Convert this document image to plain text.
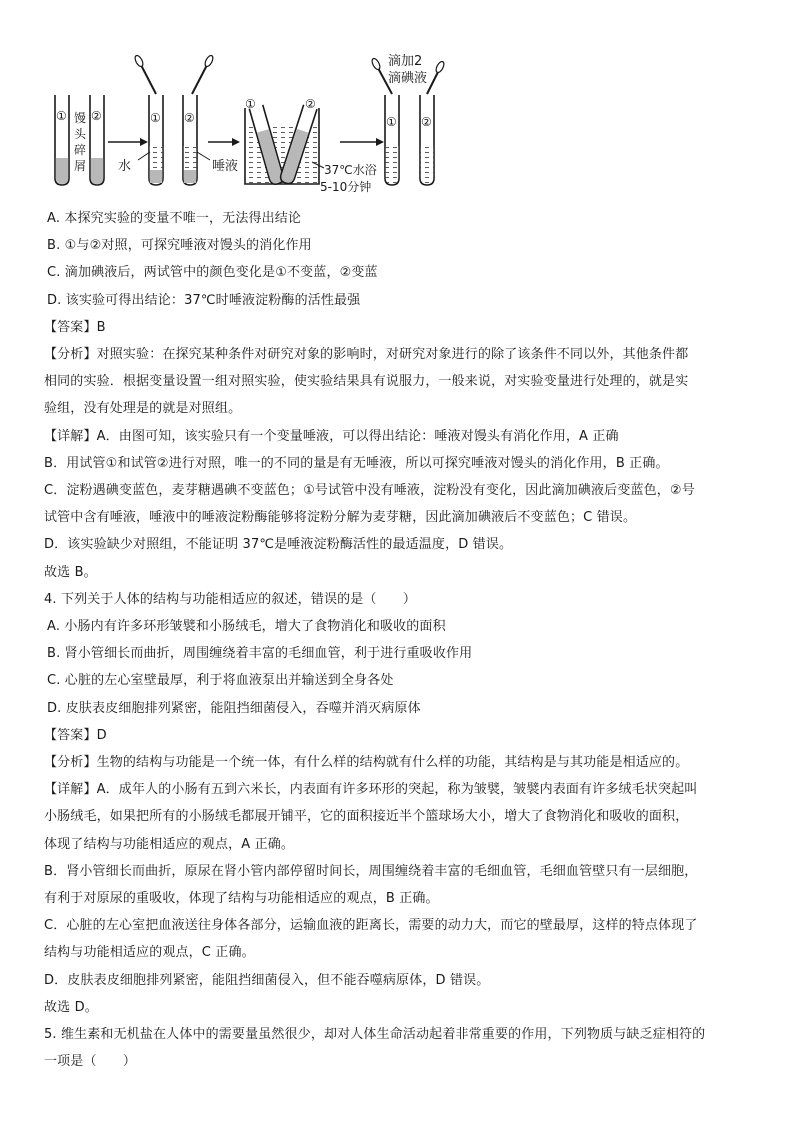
① ②
馒
头
碎
屑
① ②
水	唾液
①	②
37℃水浴
5-10分钟
① ②
滴加2
滴碘液
A. 本探究实验的变量不唯一，无法得出结论
B. ①与②对照，可探究唾液对馒头的消化作用
C. 滴加碘液后，两试管中的颜色变化是①不变蓝，②变蓝
D. 该实验可得出结论：37℃时唾液淀粉酶的活性最强
【答案】B
【分析】对照实验：在探究某种条件对研究对象的影响时，对研究对象进行的除了该条件不同以外，其他条件都
相同的实验．根据变量设置一组对照实验，使实验结果具有说服力，一般来说，对实验变量进行处理的，就是实
验组，没有处理是的就是对照组。
【详解】A．由图可知，该实验只有一个变量唾液，可以得出结论：唾液对馒头有消化作用，A 正确
B．用试管①和试管②进行对照，唯一的不同的量是有无唾液，所以可探究唾液对馒头的消化作用，B 正确。
C．淀粉遇碘变蓝色，麦芽糖遇碘不变蓝色；①号试管中没有唾液，淀粉没有变化，因此滴加碘液后变蓝色，②号
试管中含有唾液，唾液中的唾液淀粉酶能够将淀粉分解为麦芽糖，因此滴加碘液后不变蓝色；C 错误。
D．该实验缺少对照组，不能证明 37℃是唾液淀粉酶活性的最适温度，D 错误。
故选 B。
4. 下列关于人体的结构与功能相适应的叙述，错误的是（　　）
A. 小肠内有许多环形皱襞和小肠绒毛，增大了食物消化和吸收的面积
B. 肾小管细长而曲折，周围缠绕着丰富的毛细血管，利于进行重吸收作用
C. 心脏的左心室壁最厚，利于将血液泵出并输送到全身各处
D. 皮肤表皮细胞排列紧密，能阻挡细菌侵入，吞噬并消灭病原体
【答案】D
【分析】生物的结构与功能是一个统一体，有什么样的结构就有什么样的功能，其结构是与其功能是相适应的。
【详解】A．成年人的小肠有五到六米长，内表面有许多环形的突起，称为皱襞，皱襞内表面有许多绒毛状突起叫
小肠绒毛，如果把所有的小肠绒毛都展开铺平，它的面积接近半个篮球场大小，增大了食物消化和吸收的面积，
体现了结构与功能相适应的观点，A 正确。
B．肾小管细长而曲折，原尿在肾小管内部停留时间长，周围缠绕着丰富的毛细血管，毛细血管壁只有一层细胞，
有利于对原尿的重吸收，体现了结构与功能相适应的观点，B 正确。
C．心脏的左心室把血液送往身体各部分，运输血液的距离长，需要的动力大，而它的壁最厚，这样的特点体现了
结构与功能相适应的观点，C 正确。
D．皮肤表皮细胞排列紧密，能阻挡细菌侵入，但不能吞噬病原体，D 错误。
故选 D。
5. 维生素和无机盐在人体中的需要量虽然很少，却对人体生命活动起着非常重要的作用，下列物质与缺乏症相符的
一项是（　　）
